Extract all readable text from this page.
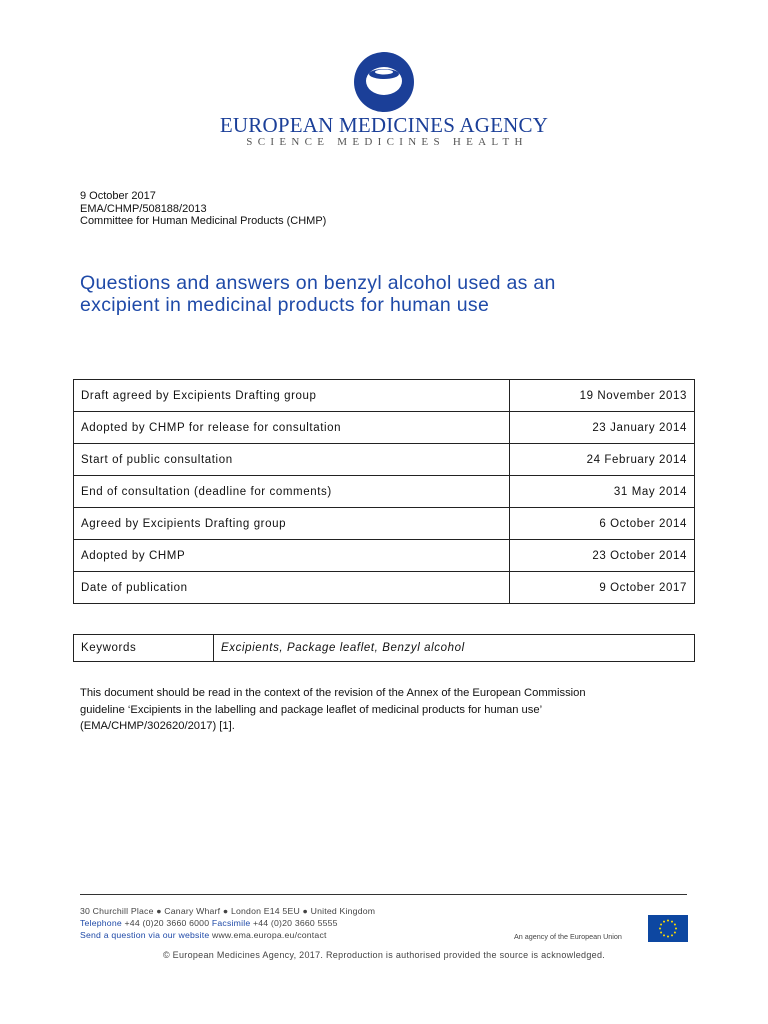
EUROPEAN MEDICINES AGENCY
SCIENCE MEDICINES HEALTH
9 October 2017
EMA/CHMP/508188/2013
Committee for Human Medicinal Products (CHMP)
Questions and answers on benzyl alcohol used as an
excipient in medicinal products for human use
Draft agreed by Excipients Drafting group	19 November 2013
Adopted by CHMP for release for consultation	23 January 2014
Start of public consultation	24 February 2014
End of consultation (deadline for comments)	31 May 2014
Agreed by Excipients Drafting group	6 October 2014
Adopted by CHMP	23 October 2014
Date of publication	9 October 2017
Keywords	Excipients, Package leaflet, Benzyl alcohol
This document should be read in the context of the revision of the Annex of the European Commission
guideline ‘Excipients in the labelling and package leaflet of medicinal products for human use’
(EMA/CHMP/302620/2017) [1].
30 Churchill Place ● Canary Wharf ● London E14 5EU ● United Kingdom
Telephone +44 (0)20 3660 6000 Facsimile +44 (0)20 3660 5555
Send a question via our website www.ema.europa.eu/contact	An agency of the European Union
© European Medicines Agency, 2017. Reproduction is authorised provided the source is acknowledged.
